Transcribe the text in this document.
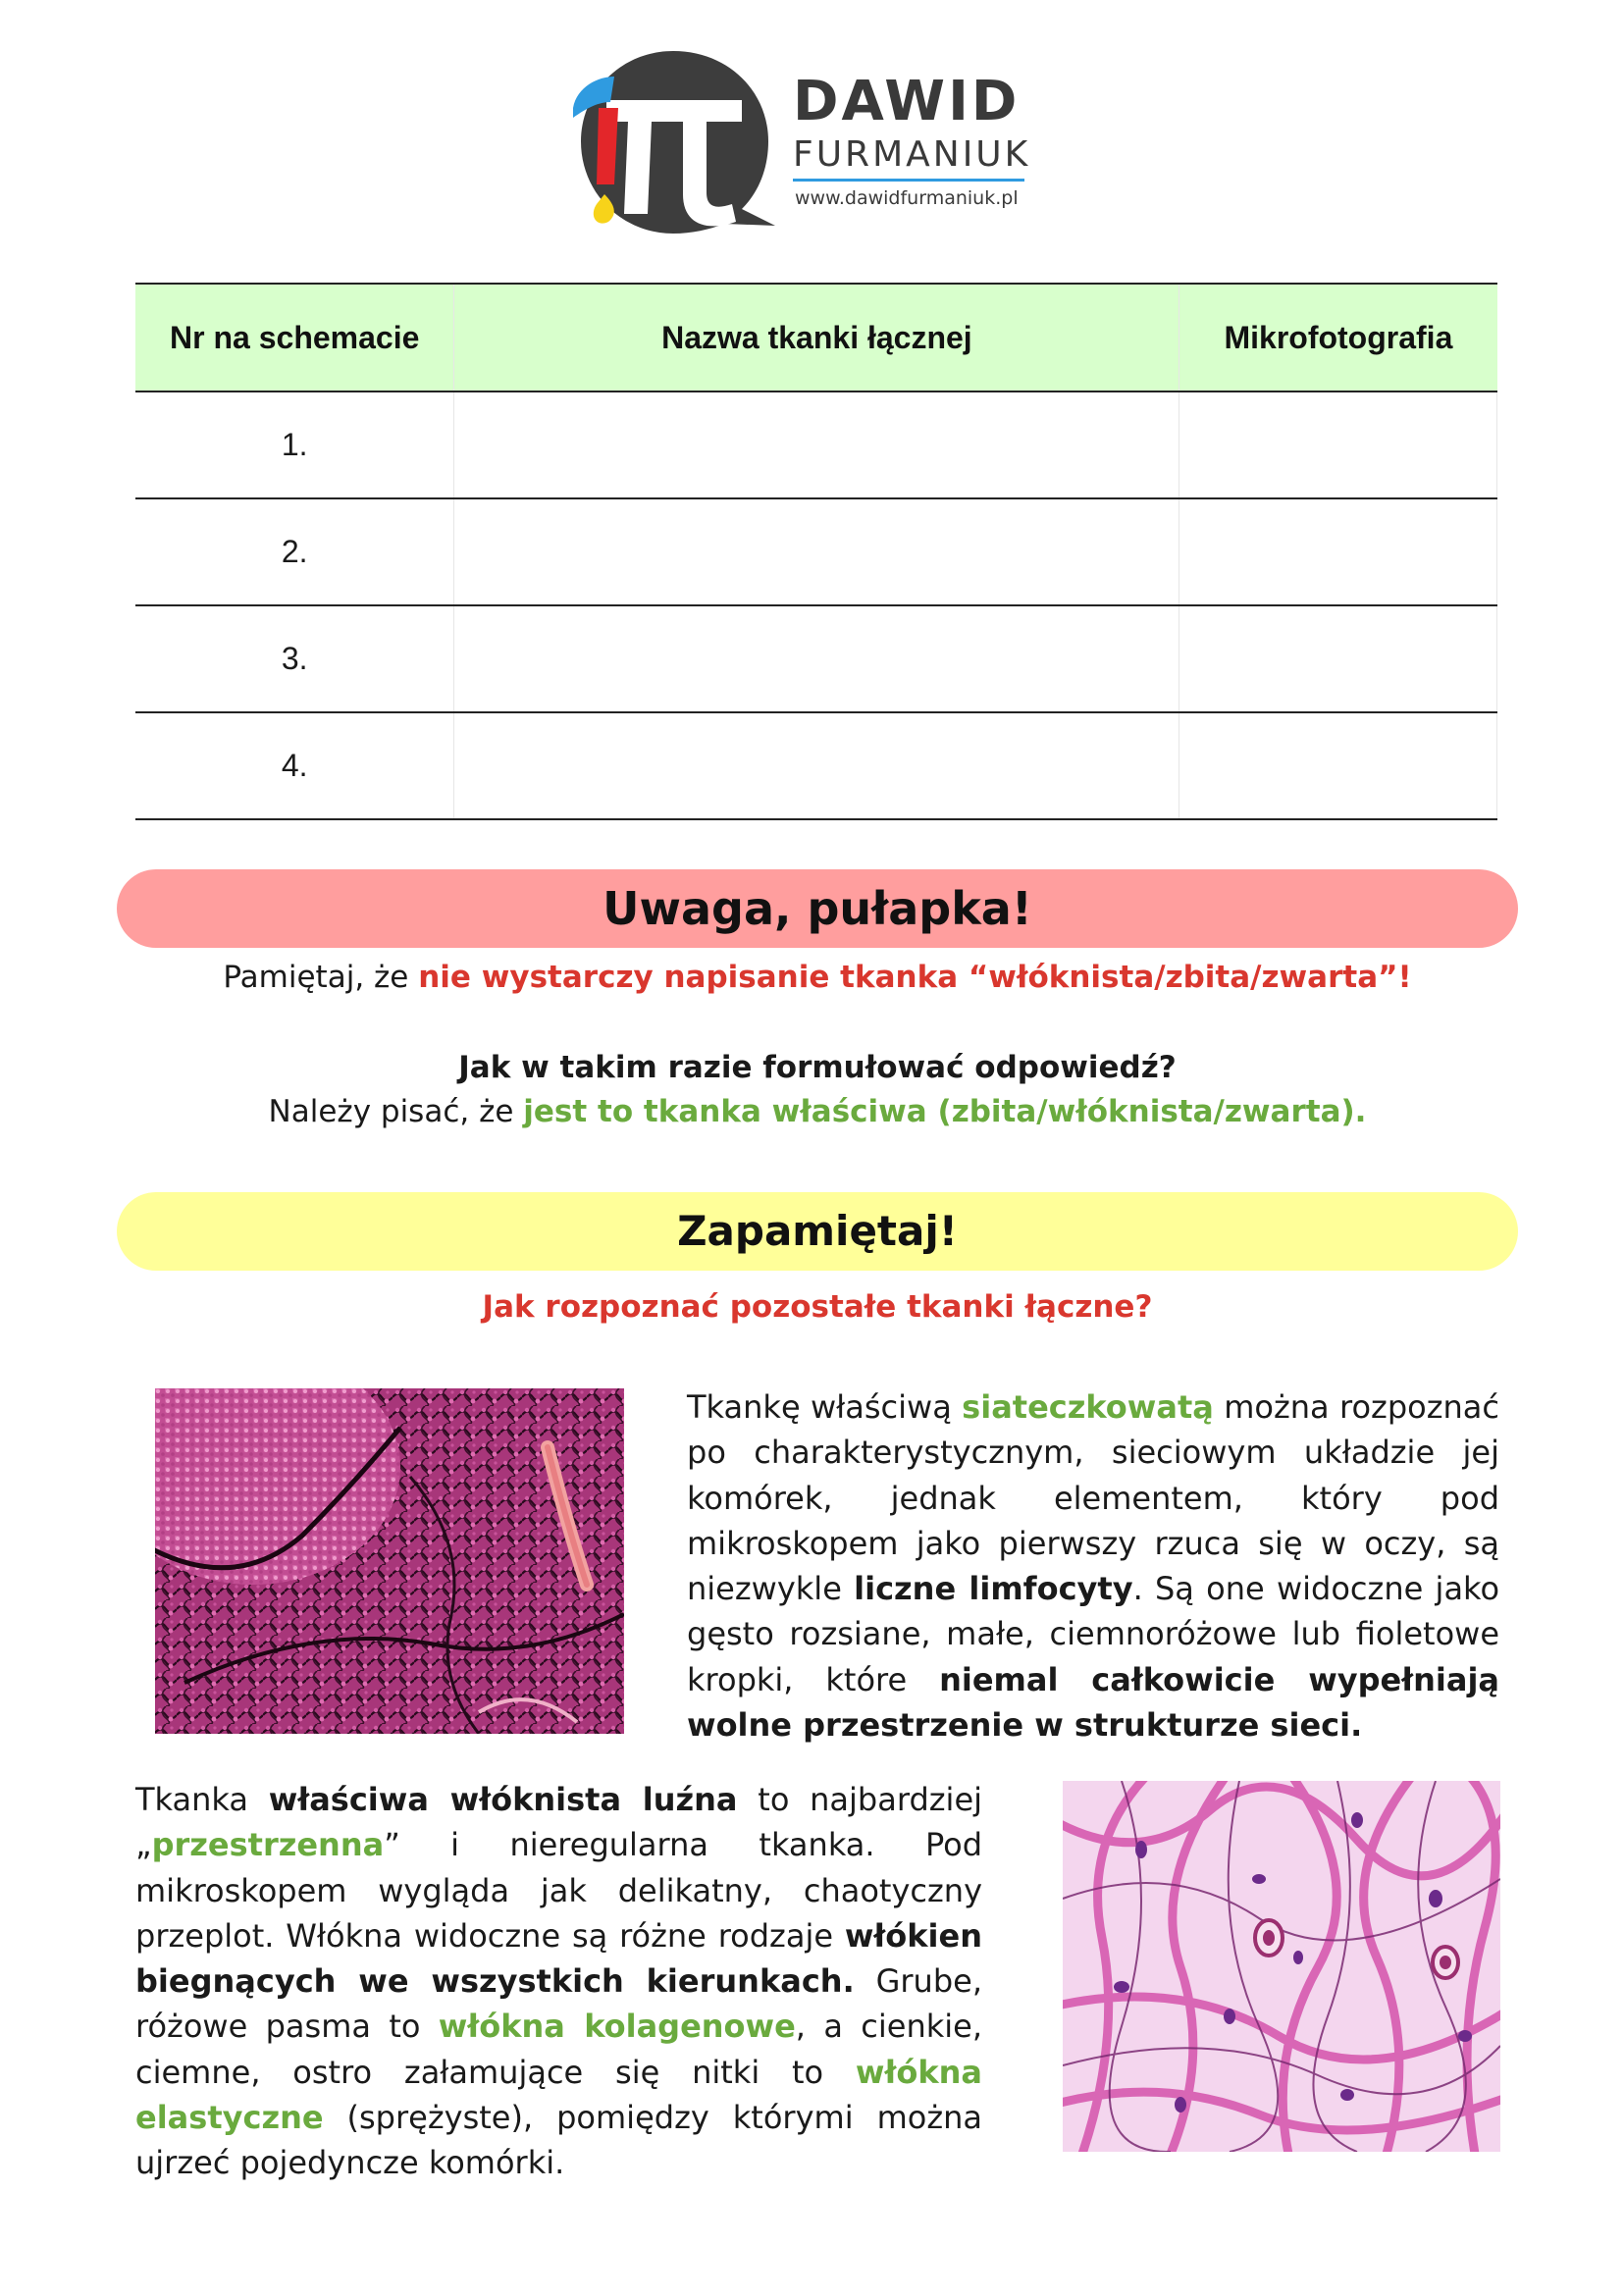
DAWID
FURMANIUK
www.dawidfurmaniuk.pl
Nr na schemacie	Nazwa tkanki łącznej	Mikrofotografia
1.		
2.		
3.		
4.		
Uwaga, pułapka!
Pamiętaj, że nie wystarczy napisanie tkanka “włóknista/zbita/zwarta”!
Jak w takim razie formułować odpowiedź?
Należy pisać, że jest to tkanka właściwa (zbita/włóknista/zwarta).
Zapamiętaj!
Jak rozpoznać pozostałe tkanki łączne?
Tkankę właściwą siateczkowatą można rozpoznać po charakterystycznym, sieciowym układzie jej komórek, jednak elementem, który pod mikroskopem jako pierwszy rzuca się w oczy, są niezwykle liczne limfocyty. Są one widoczne jako gęsto rozsiane, małe, ciemnoróżowe lub fioletowe kropki, które niemal całkowicie wypełniają wolne przestrzenie w strukturze sieci.
Tkanka właściwa włóknista luźna to najbardziej „przestrzenna” i nieregularna tkanka. Pod mikroskopem wygląda jak delikatny, chaotyczny przeplot. Włókna widoczne są różne rodzaje włókien biegnących we wszystkich kierunkach. Grube, różowe pasma to włókna kolagenowe, a cienkie, ciemne, ostro załamujące się nitki to włókna elastyczne (sprężyste), pomiędzy którymi można ujrzeć pojedyncze komórki.
